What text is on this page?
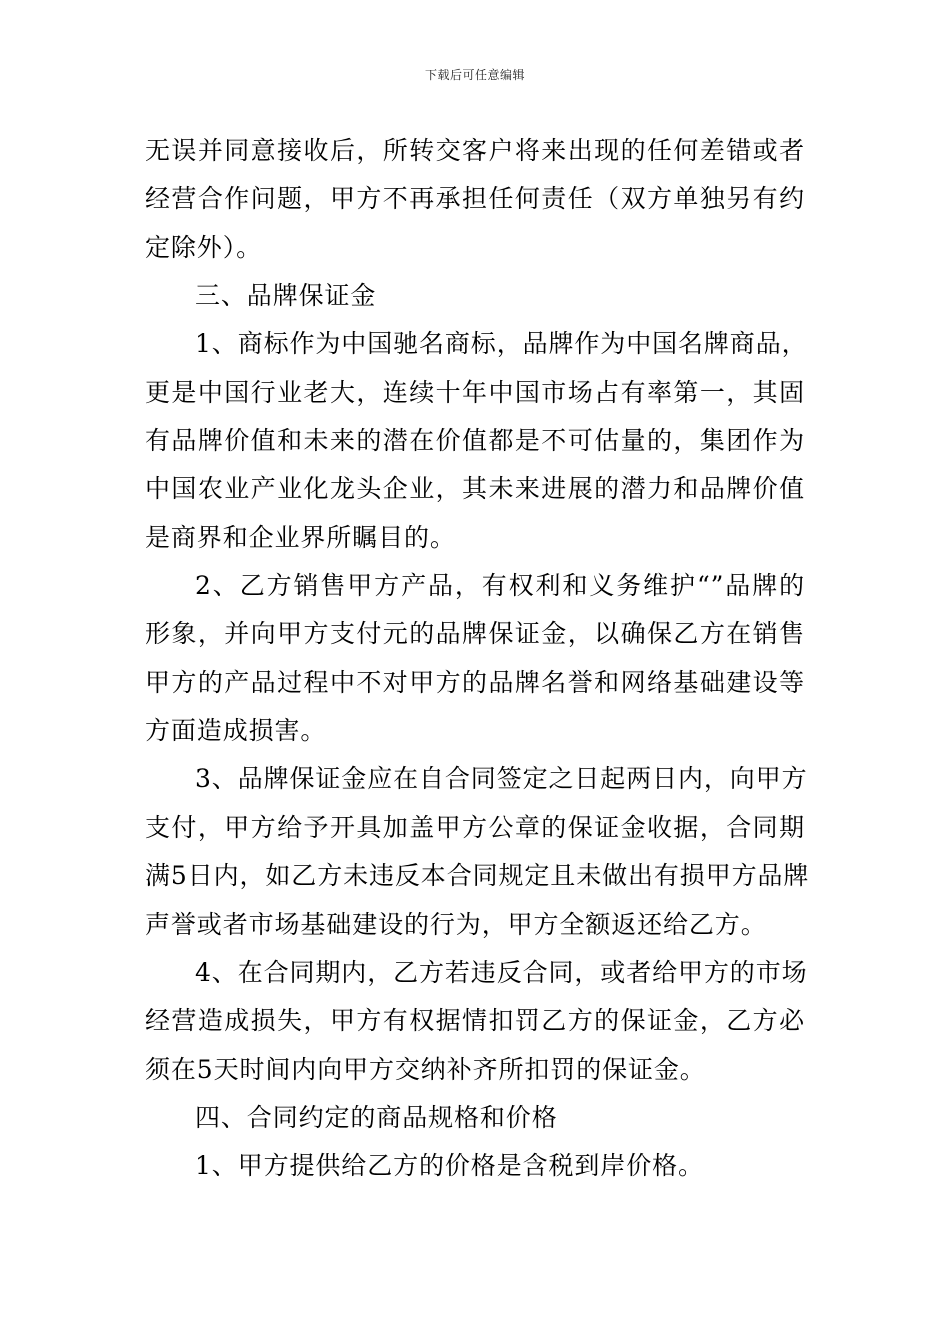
下载后可任意编辑
无误并同意接收后，所转交客户将来出现的任何差错或者
经营合作问题，甲方不再承担任何责任（双方单独另有约
定除外）。
三、品牌保证金
1、商标作为中国驰名商标，品牌作为中国名牌商品，
更是中国行业老大，连续十年中国市场占有率第一，其固
有品牌价值和未来的潜在价值都是不可估量的，集团作为
中国农业产业化龙头企业，其未来进展的潜力和品牌价值
是商界和企业界所瞩目的。
2、乙方销售甲方产品，有权利和义务维护“”品牌的
形象，并向甲方支付元的品牌保证金，以确保乙方在销售
甲方的产品过程中不对甲方的品牌名誉和网络基础建设等
方面造成损害。
3、品牌保证金应在自合同签定之日起两日内，向甲方
支付，甲方给予开具加盖甲方公章的保证金收据，合同期
满5日内，如乙方未违反本合同规定且未做出有损甲方品牌
声誉或者市场基础建设的行为，甲方全额返还给乙方。
4、在合同期内，乙方若违反合同，或者给甲方的市场
经营造成损失，甲方有权据情扣罚乙方的保证金，乙方必
须在5天时间内向甲方交纳补齐所扣罚的保证金。
四、合同约定的商品规格和价格
1、甲方提供给乙方的价格是含税到岸价格。
